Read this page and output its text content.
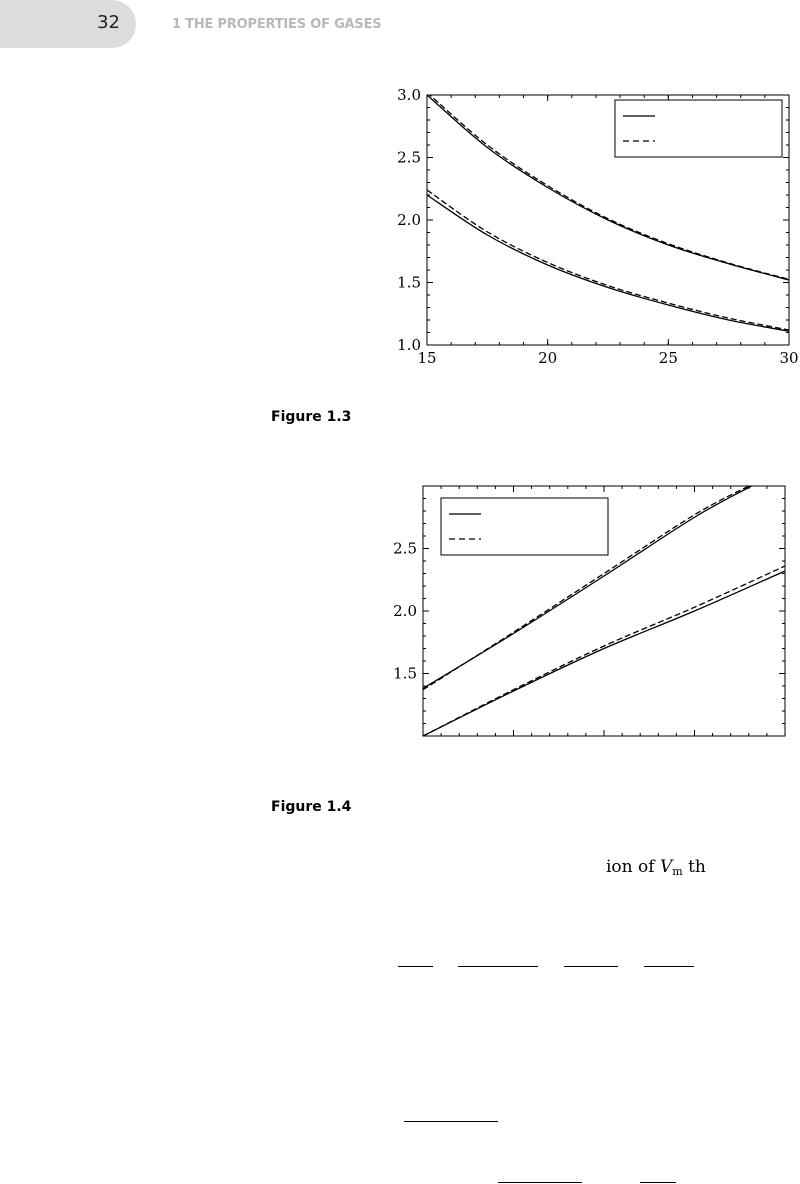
32	1 THE PROPERTIES OF GASES
15	20	25	30
1.0
1.5
2.0
2.5
3.0
Figure 1.3
1.5
2.0
2.5
Figure 1.4
ion of $V_m$ th
